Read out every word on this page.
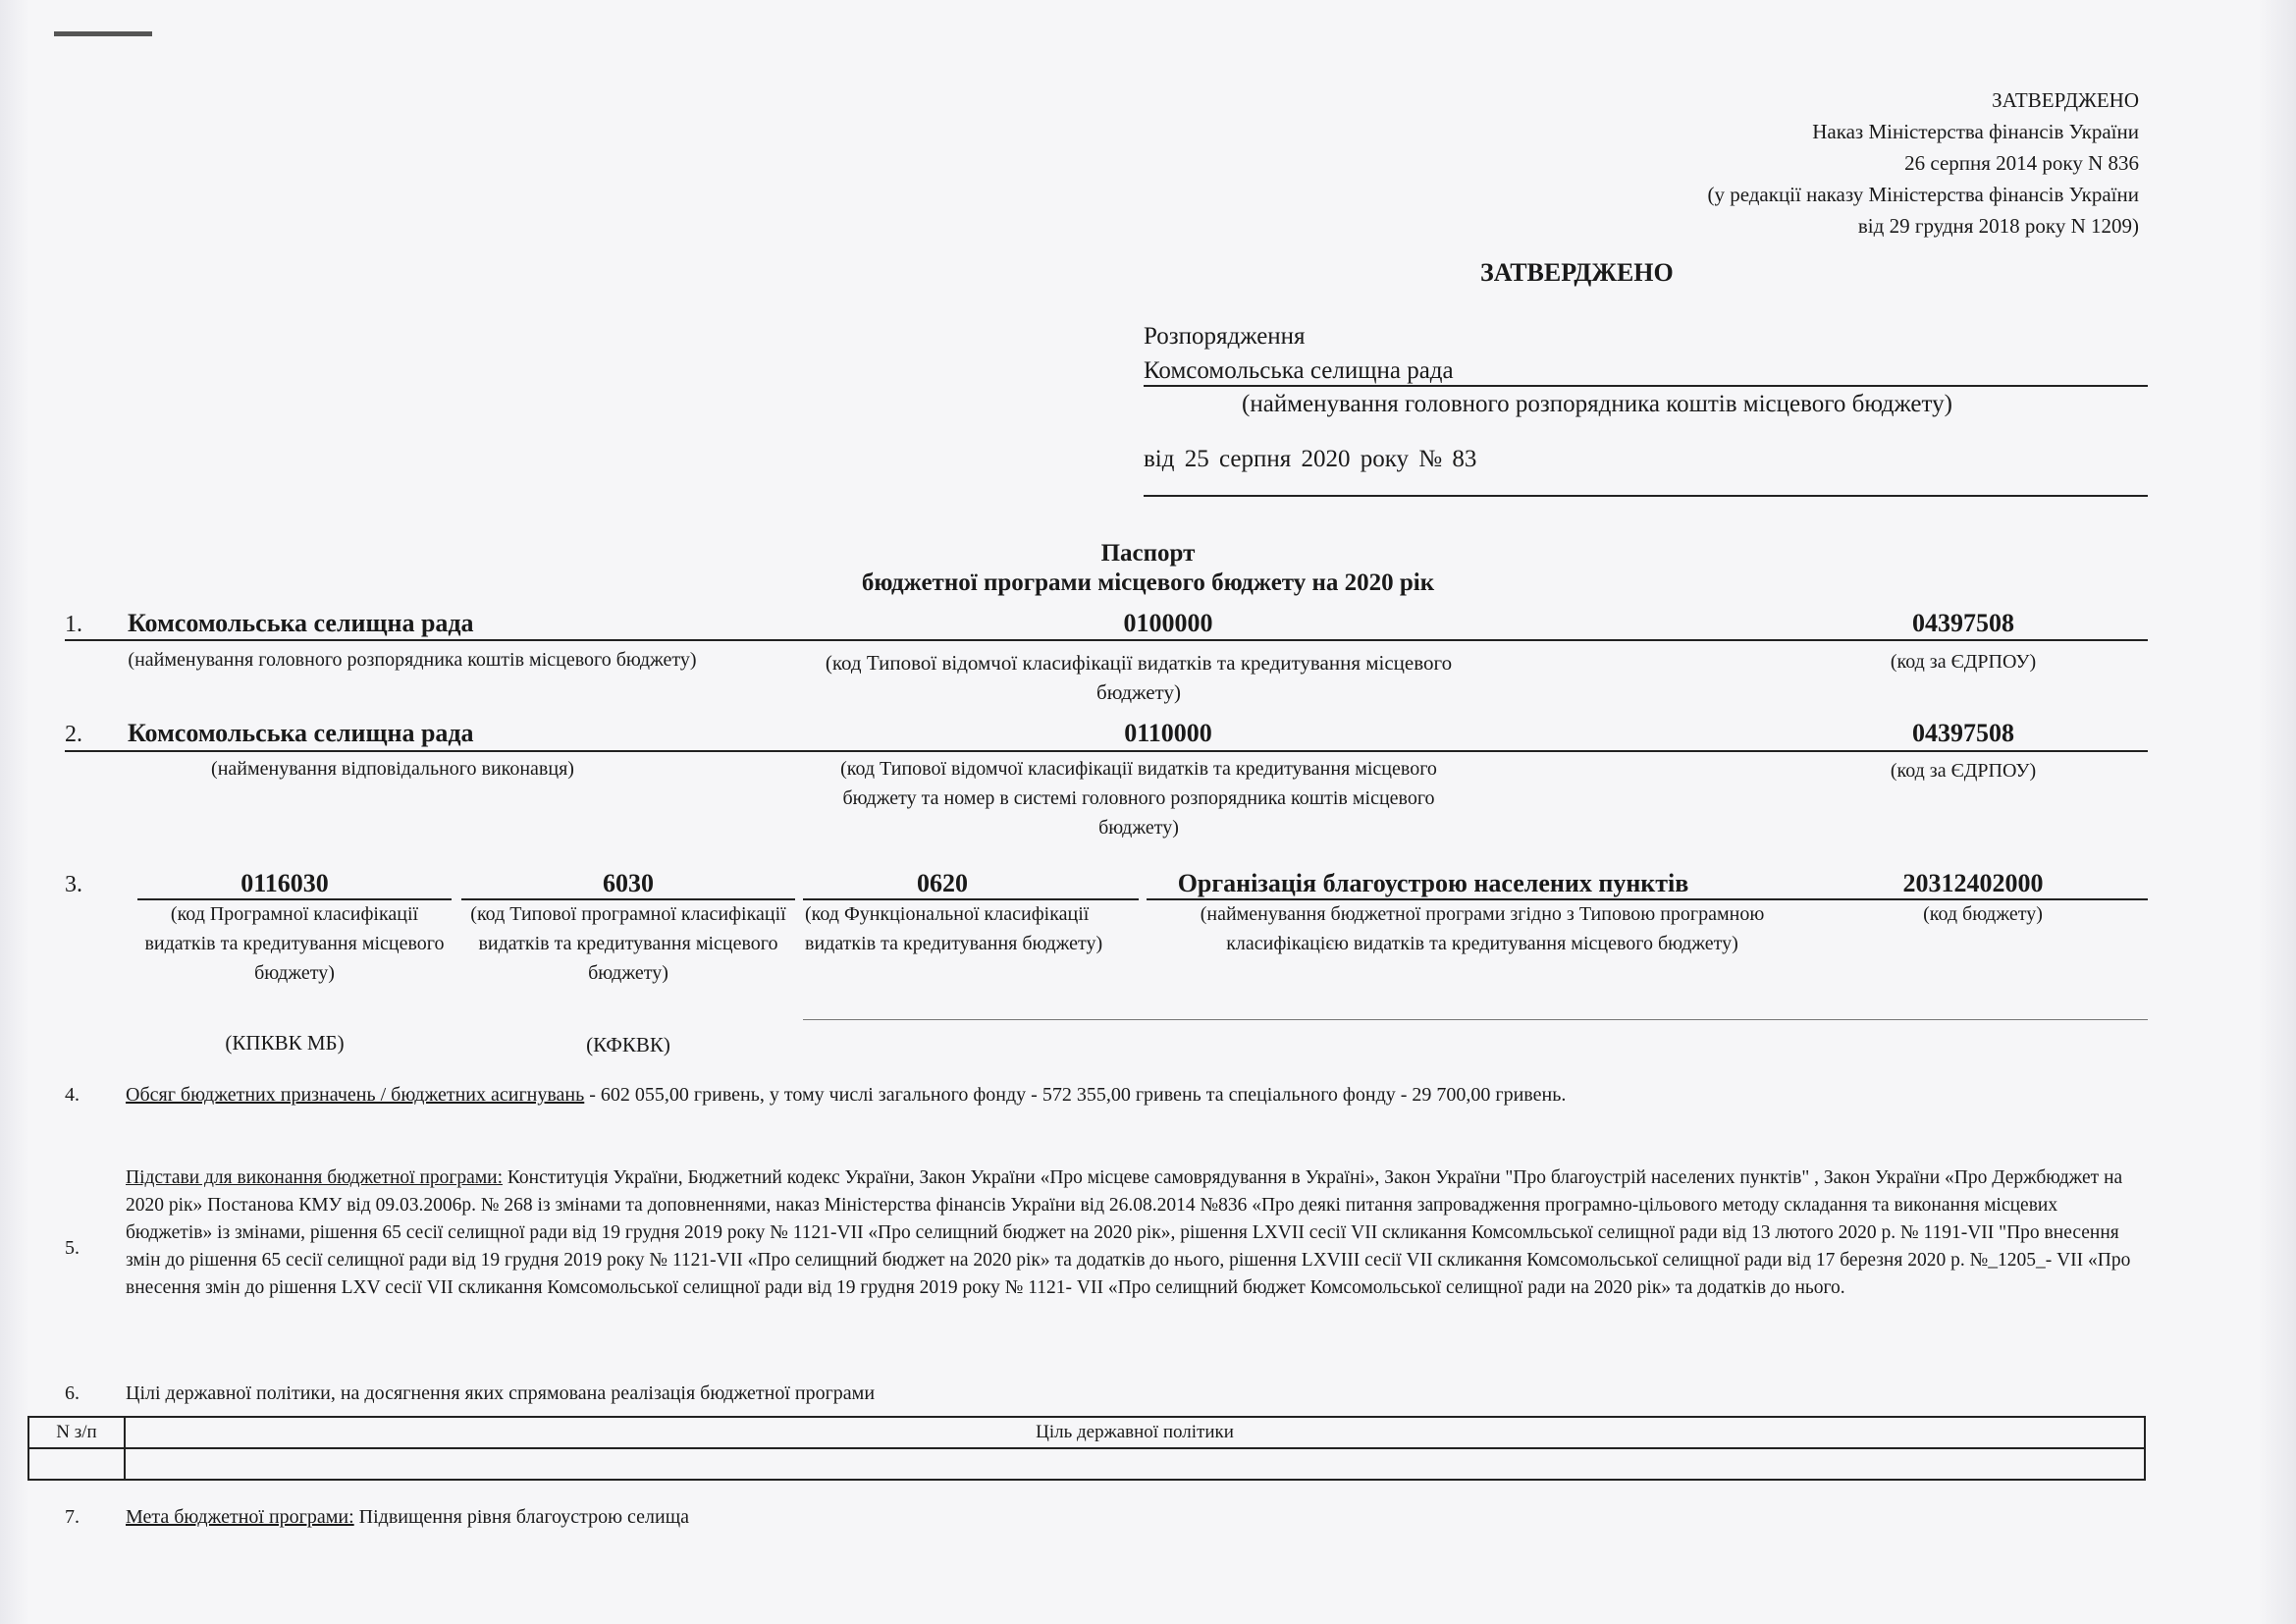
ЗАТВЕРДЖЕНО
Наказ Міністерства фінансів України
26 серпня 2014 року N 836
(у редакції наказу Міністерства фінансів України
від 29 грудня 2018 року N 1209)
ЗАТВЕРДЖЕНО
Розпорядження
Комсомольська селищна рада
(найменування головного розпорядника коштів місцевого бюджету)
від 25 серпня 2020 року № 83
Паспорт
бюджетної програми місцевого бюджету на 2020 рік
1. Комсомольська селищна рада	0100000	04397508
(найменування головного розпорядника коштів місцевого бюджету)	(код Типової відомчої класифікації видатків та кредитування місцевого бюджету)
(код за ЄДРПОУ)
2. Комсомольська селищна рада	0110000	04397508
(найменування відповідального виконавця)	(код Типової відомчої класифікації видатків та кредитування місцевого бюджету та номер в системі головного розпорядника коштів місцевого бюджету)
(код за ЄДРПОУ)
3.	0116030	6030	0620	Організація благоустрою населених пунктів	20312402000
(код Програмної класифікації видатків та кредитування місцевого бюджету)
(код Типової програмної класифікації видатків та кредитування місцевого бюджету)
(код Функціональної класифікації видатків та кредитування бюджету)
(найменування бюджетної програми згідно з Типовою програмною класифікацією видатків та кредитування місцевого бюджету)
(код бюджету)
(КПКВК МБ)	(КФКВК)
4. Обсяг бюджетних призначень / бюджетних асигнувань - 602 055,00 гривень, у тому числі загального фонду - 572 355,00 гривень та спеціального фонду - 29 700,00 гривень.
5.
Підстави для виконання бюджетної програми: Конституція України, Бюджетний кодекс України, Закон України «Про місцеве самоврядування в Україні», Закон України "Про благоустрій населених пунктів" , Закон України «Про Держбюджет на 2020 рік» Постанова КМУ від 09.03.2006р. № 268 із змінами та доповненнями, наказ Міністерства фінансів України від 26.08.2014 №836 «Про деякі питання запровадження програмно-цільового методу складання та виконання місцевих бюджетів» із змінами, рішення 65 сесії селищної ради від 19 грудня 2019 року № 1121-VII «Про селищний бюджет на 2020 рік», рішення LXVII сесії VII скликання Комсомльської селищної ради від 13 лютого 2020 р. № 1191-VII "Про внесення змін до рішення 65 сесії селищної ради від 19 грудня 2019 року № 1121-VII «Про селищний бюджет на 2020 рік» та додатків до нього, рішення LXVIII сесії VII скликання Комсомольської селищної ради від 17 березня 2020 р. №_1205_- VII «Про внесення змін до рішення LXV сесії VII скликання Комсомольської селищної ради від 19 грудня 2019 року № 1121- VII «Про селищний бюджет Комсомольської селищної ради на 2020 рік» та додатків до нього.
6. Цілі державної політики, на досягнення яких спрямована реалізація бюджетної програми
N з/п	Ціль державної політики

7. Мета бюджетної програми: Підвищення рівня благоустрою селища
